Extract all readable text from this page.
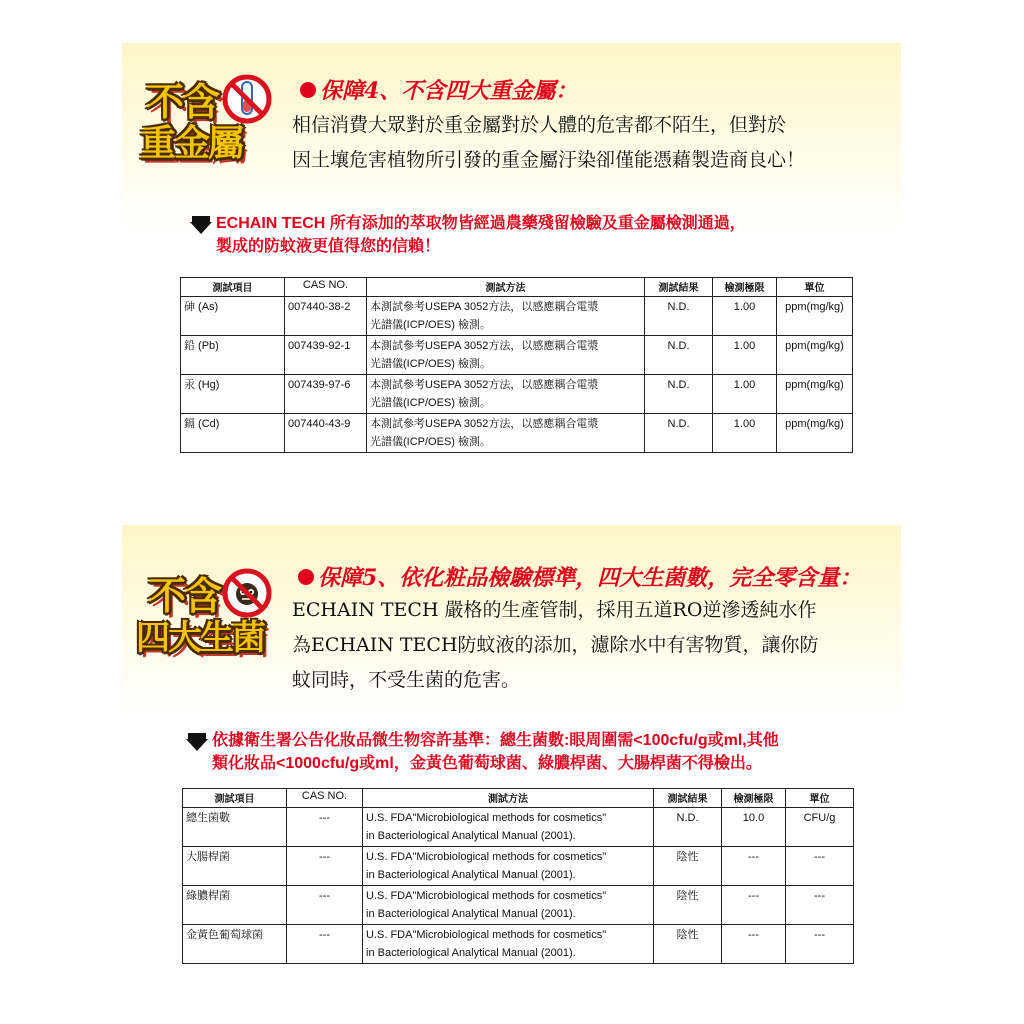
不含
重金屬
保障4、不含四大重金屬：
相信消費大眾對於重金屬對於人體的危害都不陌生，但對於
因土壤危害植物所引發的重金屬汙染卻僅能憑藉製造商良心！
ECHAIN TECH 所有添加的萃取物皆經過農藥殘留檢驗及重金屬檢測通過，
製成的防蚊液更值得您的信賴！
測試項目	CAS NO.	測試方法	測試結果	檢測極限	單位
砷 (As)	007440-38-2	本測試參考USEPA 3052方法，以感應耦合電漿
光譜儀(ICP/OES) 檢測。	N.D.	1.00	ppm(mg/kg)
鉛 (Pb)	007439-92-1	本測試參考USEPA 3052方法，以感應耦合電漿
光譜儀(ICP/OES) 檢測。	N.D.	1.00	ppm(mg/kg)
汞 (Hg)	007439-97-6	本測試參考USEPA 3052方法，以感應耦合電漿
光譜儀(ICP/OES) 檢測。	N.D.	1.00	ppm(mg/kg)
鎘 (Cd)	007440-43-9	本測試參考USEPA 3052方法，以感應耦合電漿
光譜儀(ICP/OES) 檢測。	N.D.	1.00	ppm(mg/kg)
不含
四大生菌
保障5、依化粧品檢驗標準，四大生菌數，完全零含量：
ECHAIN TECH 嚴格的生產管制，採用五道RO逆滲透純水作
為ECHAIN TECH防蚊液的添加，濾除水中有害物質，讓你防
蚊同時，不受生菌的危害。
依據衛生署公告化妝品微生物容許基準：總生菌數:眼周圍需<100cfu/g或ml,其他
類化妝品<1000cfu/g或ml，金黃色葡萄球菌、綠膿桿菌、大腸桿菌不得檢出。
測試項目	CAS NO.	測試方法	測試結果	檢測極限	單位
總生菌數	---	U.S. FDA"Microbiological methods for cosmetics"
in Bacteriological Analytical Manual (2001).	N.D.	10.0	CFU/g
大腸桿菌	---	U.S. FDA"Microbiological methods for cosmetics"
in Bacteriological Analytical Manual (2001).	陰性	---	---
綠膿桿菌	---	U.S. FDA"Microbiological methods for cosmetics"
in Bacteriological Analytical Manual (2001).	陰性	---	---
金黃色葡萄球菌	---	U.S. FDA"Microbiological methods for cosmetics"
in Bacteriological Analytical Manual (2001).	陰性	---	---
